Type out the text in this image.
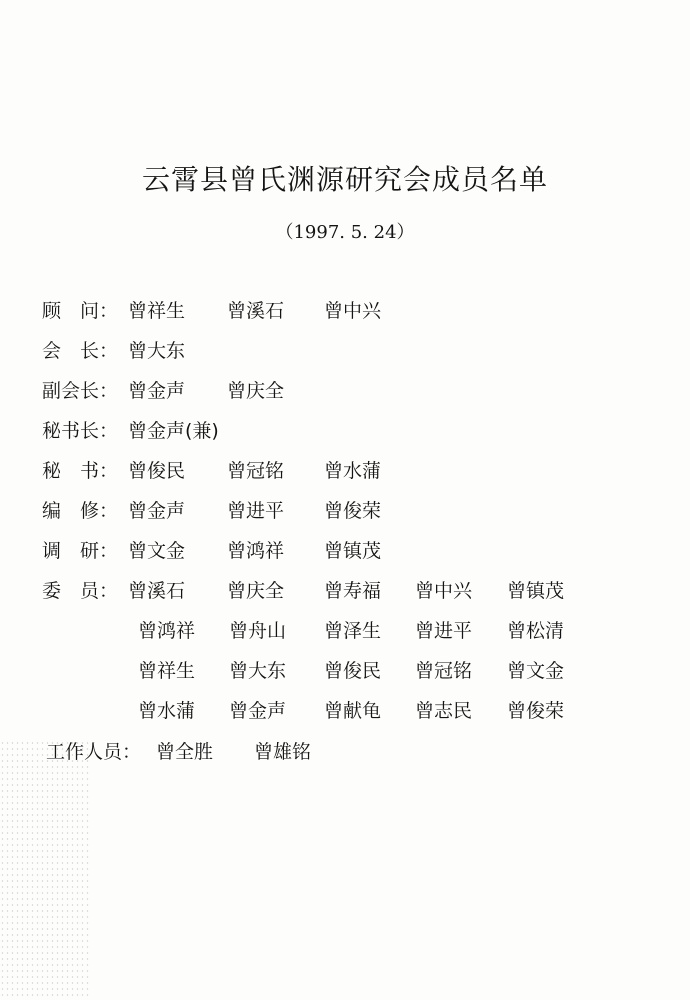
云霄县曾氏渊源研究会成员名单
（1997. 5. 24）
顾　问： 曾祥生 曾溪石 曾中兴
会　长： 曾大东
副会长： 曾金声 曾庆全
秘书长： 曾金声(兼)
秘　书： 曾俊民 曾冠铭 曾水蒲
编　修： 曾金声 曾进平 曾俊荣
调　研： 曾文金 曾鸿祥 曾镇茂
委　员： 曾溪石 曾庆全 曾寿福 曾中兴 曾镇茂
曾鸿祥 曾舟山 曾泽生 曾进平 曾松清
曾祥生 曾大东 曾俊民 曾冠铭 曾文金
曾水蒲 曾金声 曾献龟 曾志民 曾俊荣
工作人员： 曾全胜 曾雄铭
